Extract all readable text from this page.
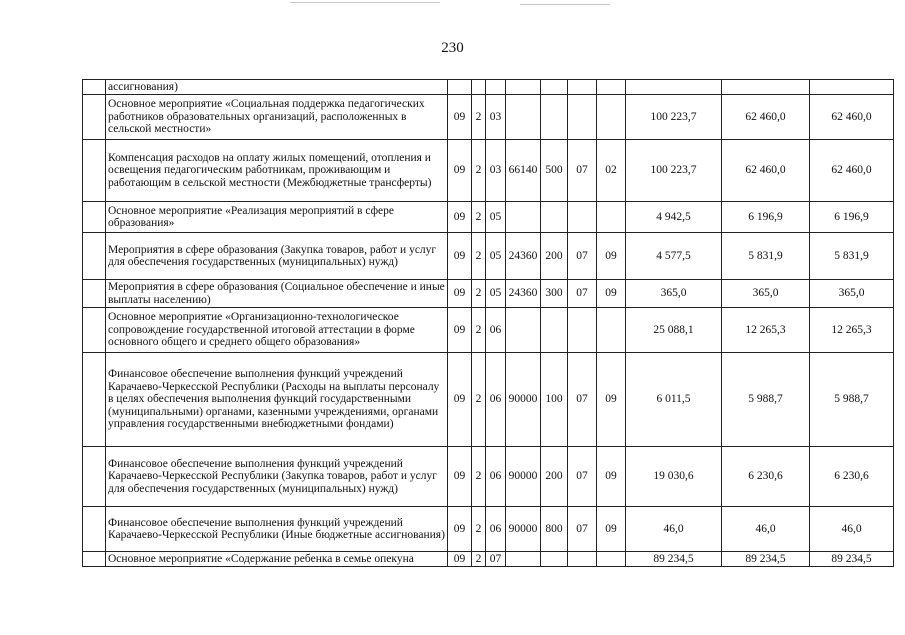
230
	ассигнования)										
	Основное мероприятие «Социальная поддержка педагогических работников образовательных организаций, расположенных в сельской местности»	09	2	03					100 223,7	62 460,0	62 460,0
	Компенсация расходов на оплату жилых помещений, отопления и освещения педагогическим работникам, проживающим и работающим в сельской местности (Межбюджетные трансферты)	09	2	03	66140	500	07	02	100 223,7	62 460,0	62 460,0
	Основное мероприятие «Реализация мероприятий в сфере образования»	09	2	05					4 942,5	6 196,9	6 196,9
	Мероприятия в сфере образования (Закупка товаров, работ и услуг для обеспечения государственных (муниципальных) нужд)	09	2	05	24360	200	07	09	4 577,5	5 831,9	5 831,9
	Мероприятия в сфере образования (Социальное обеспечение и иные выплаты населению)	09	2	05	24360	300	07	09	365,0	365,0	365,0
	Основное мероприятие «Организационно-технологическое сопровождение государственной итоговой аттестации в форме основного общего и среднего общего образования»	09	2	06					25 088,1	12 265,3	12 265,3
	Финансовое обеспечение выполнения функций учреждений Карачаево-Черкесской Республики (Расходы на выплаты персоналу в целях обеспечения выполнения функций государственными (муниципальными) органами, казенными учреждениями, органами управления государственными внебюджетными фондами)	09	2	06	90000	100	07	09	6 011,5	5 988,7	5 988,7
	Финансовое обеспечение выполнения функций учреждений Карачаево-Черкесской Республики (Закупка товаров, работ и услуг для обеспечения государственных (муниципальных) нужд)	09	2	06	90000	200	07	09	19 030,6	6 230,6	6 230,6
	Финансовое обеспечение выполнения функций учреждений Карачаево-Черкесской Республики (Иные бюджетные ассигнования)	09	2	06	90000	800	07	09	46,0	46,0	46,0
	Основное мероприятие «Содержание ребенка в семье опекуна	09	2	07					89 234,5	89 234,5	89 234,5
